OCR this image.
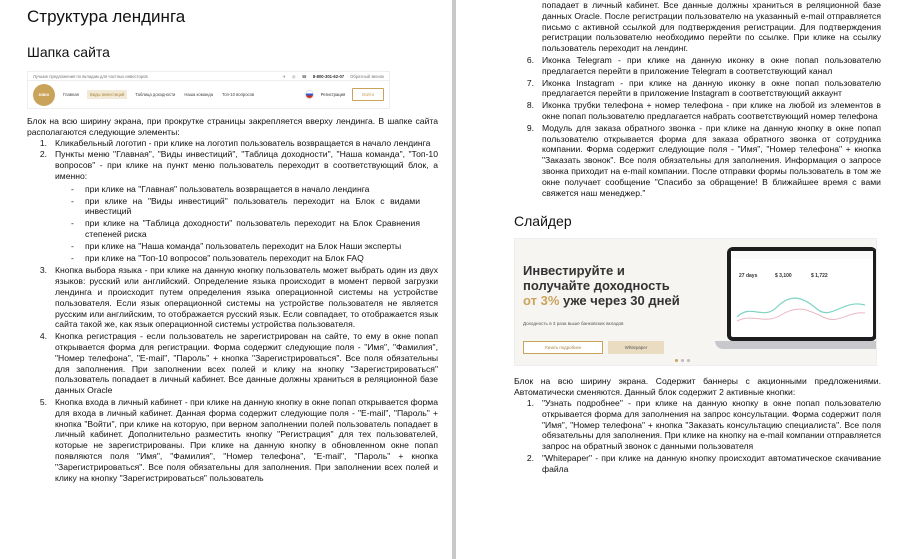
Структура лендинга
Шапка сайта
Лучшие предложения по вкладам для частных инвесторов	✈ ◎ ☎ 8-800-301-62-07 Обратный звонок
DIBIX	Главная	Виды инвестиций	Таблица доходности Наша команда Топ-10 вопросов	Регистрация	Войти

Блок на всю ширину экрана, при прокрутке страницы закрепляется вверху лендинга. В шапке сайта располагаются следующие элементы:

1. Кликабельный логотип - при клике на логотип пользователь возвращается в начало лендинга
2. Пункты меню "Главная", "Виды инвестиций", "Таблица доходности", "Наша команда", "Топ-10 вопросов" - при клике на пункт меню пользователь переходит в соответствующий блок, а именно:
-	при клике на "Главная" пользователь возвращается в начало лендинга
-	при клике на "Виды инвестиций" пользователь переходит на Блок с видами инвестиций
-	при клике на "Таблица доходности" пользователь переходит на Блок Сравнения степеней риска
-	при клике на "Наша команда" пользователь переходит на Блок Наши эксперты
-	при клике на "Топ-10 вопросов" пользователь переходит на Блок FAQ
3. Кнопка выбора языка - при клике на данную кнопку пользователь может выбрать один из двух языков: русский или английский. Определение языка происходит в момент первой загрузки лендинга и происходит путем определения языка операционной системы на устройстве пользователя. Если язык операционной системы на устройстве пользователя не является русским или английским, то отображается русский язык. Если совпадает, то отображается язык сайта такой же, как язык операционной системы устройства пользователя.
4. Кнопка регистрация - если пользователь не зарегистрирован на сайте, то ему в окне попап открывается форма для регистрации. Форма содержит следующие поля - "Имя", "Фамилия", "Номер телефона", "E-mail", "Пароль" + кнопка "Зарегистрироваться". Все поля обязательны для заполнения. При заполнении всех полей и клику на кнопку "Зарегистрироваться" пользователь попадает в личный кабинет. Все данные должны храниться в реляционной базе данных Oracle
5. Кнопка входа в личный кабинет - при клике на данную кнопку в окне попап открывается форма для входа в личный кабинет. Данная форма содержит следующие поля - "E-mail", "Пароль" + кнопка "Войти", при клике на которую, при верном заполнении полей пользователь попадает в личный кабинет. Дополнительно разместить кнопку "Регистрация" для тех пользователей, которые не зарегистрированы. При клике на данную кнопку в обновленном окне попап появляются поля "Имя", "Фамилия", "Номер телефона", "E-mail", "Пароль" + кнопка "Зарегистрироваться". Все поля обязательны для заполнения. При заполнении всех полей и клику на кнопку "Зарегистрироваться" пользователь
попадает в личный кабинет. Все данные должны храниться в реляционной базе данных Oracle. После регистрации пользователю на указанный e-mail отправляется письмо с активной ссылкой для подтверждения регистрации. Для подтверждения регистрации пользователю необходимо перейти по ссылке. При клике на ссылку пользователь переходит на лендинг.
6. Иконка Telegram - при клике на данную иконку в окне попап пользователю предлагается перейти в приложение Telegram в соответствующий канал
7. Иконка Instagram - при клике на данную иконку в окне попап пользователю предлагается перейти в приложение Instagram в соответствующий аккаунт
8. Иконка трубки телефона + номер телефона - при клике на любой из элементов в окне попап пользователю предлагается набрать соответствующий номер телефона
9. Модуль для заказа обратного звонка - при клике на данную кнопку в окне попап пользователю открывается форма для заказа обратного звонка от сотрудника компании. Форма содержит следующие поля - "Имя", "Номер телефона" + кнопка "Заказать звонок". Все поля обязательны для заполнения. Информация о запросе звонка приходит на e-mail компании. После отправки формы пользователь в том же окне получает сообщение "Спасибо за обращение! В ближайшее время с вами свяжется наш менеджер."
Слайдер
Инвестируйте и
получайте доходность
от 3% уже через 30 дней
Доходность в 3 раза выше банковских вкладов
Узнать подробнее	Whitepaper
27 days	$ 3,100	$ 1,722

Блок на всю ширину экрана. Содержит баннеры с акционными предложениями. Автоматически сменяются. Данный блок содержит 2 активные кнопки:

1. "Узнать подробнее" - при клике на данную кнопку в окне попап пользователю открывается форма для заполнения на запрос консультации. Форма содержит поля "Имя", "Номер телефона" + кнопка "Заказать консультацию специалиста". Все поля обязательны для заполнения. При клике на кнопку на e-mail компании отправляется запрос на обратный звонок с данными пользователя
2. "Whitepaper" - при клике на данную кнопку происходит автоматическое скачивание файла
